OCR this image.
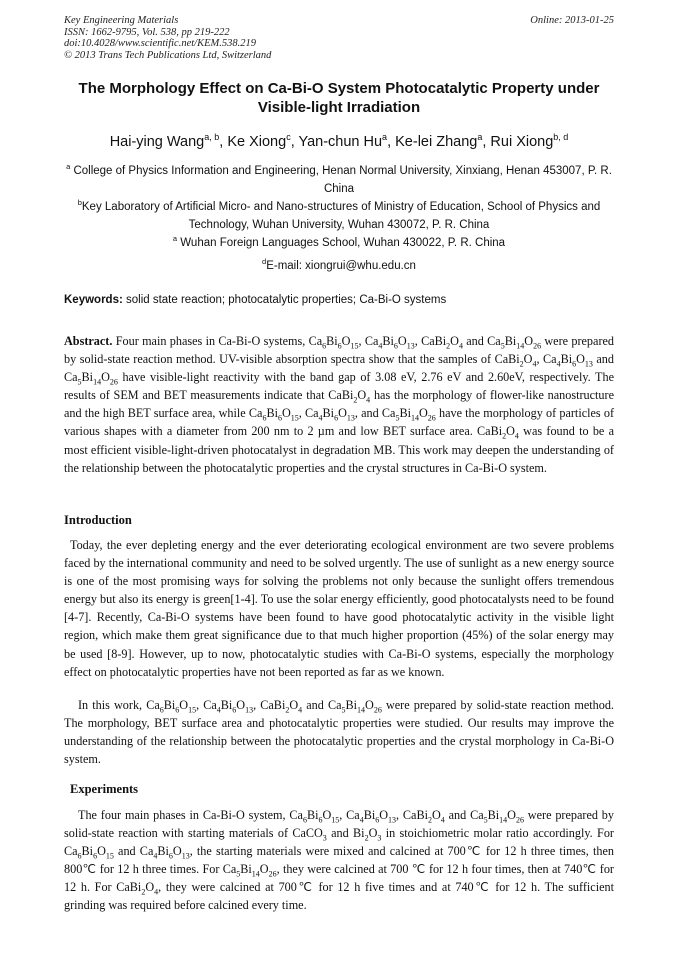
Key Engineering Materials
ISSN: 1662-9795, Vol. 538, pp 219-222
doi:10.4028/www.scientific.net/KEM.538.219
© 2013 Trans Tech Publications Ltd, Switzerland
Online: 2013-01-25
The Morphology Effect on Ca-Bi-O System Photocatalytic Property under Visible-light Irradiation
Hai-ying Wang$^{a, b}$, Ke Xiong$^c$, Yan-chun Hu$^a$, Ke-lei Zhang$^a$, Rui Xiong$^{b, d}$
$^a$ College of Physics Information and Engineering, Henan Normal University, Xinxiang, Henan 453007, P. R. China
$^b$Key Laboratory of Artificial Micro- and Nano-structures of Ministry of Education, School of Physics and Technology, Wuhan University, Wuhan 430072, P. R. China
$^a$ Wuhan Foreign Languages School, Wuhan 430022, P. R. China
$^d$E-mail: xiongrui@whu.edu.cn
Keywords: solid state reaction; photocatalytic properties; Ca-Bi-O systems

Abstract. Four main phases in Ca-Bi-O systems, $Ca_6Bi_6O_{15}$, $Ca_4Bi_6O_{13}$, $CaBi_2O_4$ and $Ca_5Bi_{14}O_{26}$ were prepared by solid-state reaction method. UV-visible absorption spectra show that the samples of $CaBi_2O_4$, $Ca_4Bi_6O_{13}$ and $Ca_5Bi_{14}O_{26}$ have visible-light reactivity with the band gap of 3.08 eV, 2.76 eV and 2.60eV, respectively. The results of SEM and BET measurements indicate that $CaBi_2O_4$ has the morphology of flower-like nanostructure and the high BET surface area, while $Ca_6Bi_6O_{15}$, $Ca_4Bi_6O_{13}$, and $Ca_5Bi_{14}O_{26}$ have the morphology of particles of various shapes with a diameter from 200 nm to 2 µm and low BET surface area. $CaBi_2O_4$ was found to be a most efficient visible-light-driven photocatalyst in degradation MB. This work may deepen the understanding of the relationship between the photocatalytic properties and the crystal structures in Ca-Bi-O system.

Introduction

Today, the ever depleting energy and the ever deteriorating ecological environment are two severe problems faced by the international community and need to be solved urgently. The use of sunlight as a new energy source is one of the most promising ways for solving the problems not only because the sunlight offers tremendous energy but also its energy is green[1-4]. To use the solar energy efficiently, good photocatalysts need to be found [4-7]. Recently, Ca-Bi-O systems have been found to have good photocatalytic activity in the visible light region, which make them great significance due to that much higher proportion (45%) of the solar energy may be used [8-9]. However, up to now, photocatalytic studies with Ca-Bi-O systems, especially the morphology effect on photocatalytic properties have not been reported as far as we known.

In this work, $Ca_6Bi_6O_{15}$, $Ca_4Bi_6O_{13}$, $CaBi_2O_4$ and $Ca_5Bi_{14}O_{26}$ were prepared by solid-state reaction method. The morphology, BET surface area and photocatalytic properties were studied. Our results may improve the understanding of the relationship between the photocatalytic properties and the crystal morphology in Ca-Bi-O system.

Experiments

The four main phases in Ca-Bi-O system, $Ca_6Bi_6O_{15}$, $Ca_4Bi_6O_{13}$, $CaBi_2O_4$ and $Ca_5Bi_{14}O_{26}$ were prepared by solid-state reaction with starting materials of CaCO$_3$ and $Bi_2O_3$ in stoichiometric molar ratio accordingly. For $Ca_6Bi_6O_{15}$ and $Ca_4Bi_6O_{13}$, the starting materials were mixed and calcined at 700℃ for 12 h three times, then 800℃ for 12 h three times. For $Ca_5Bi_{14}O_{26}$, they were calcined at 700 ℃ for 12 h four times, then at 740℃ for 12 h. For $CaBi_2O_4$, they were calcined at 700℃ for 12 h five times and at 740℃ for 12 h. The sufficient grinding was required before calcined every time.
